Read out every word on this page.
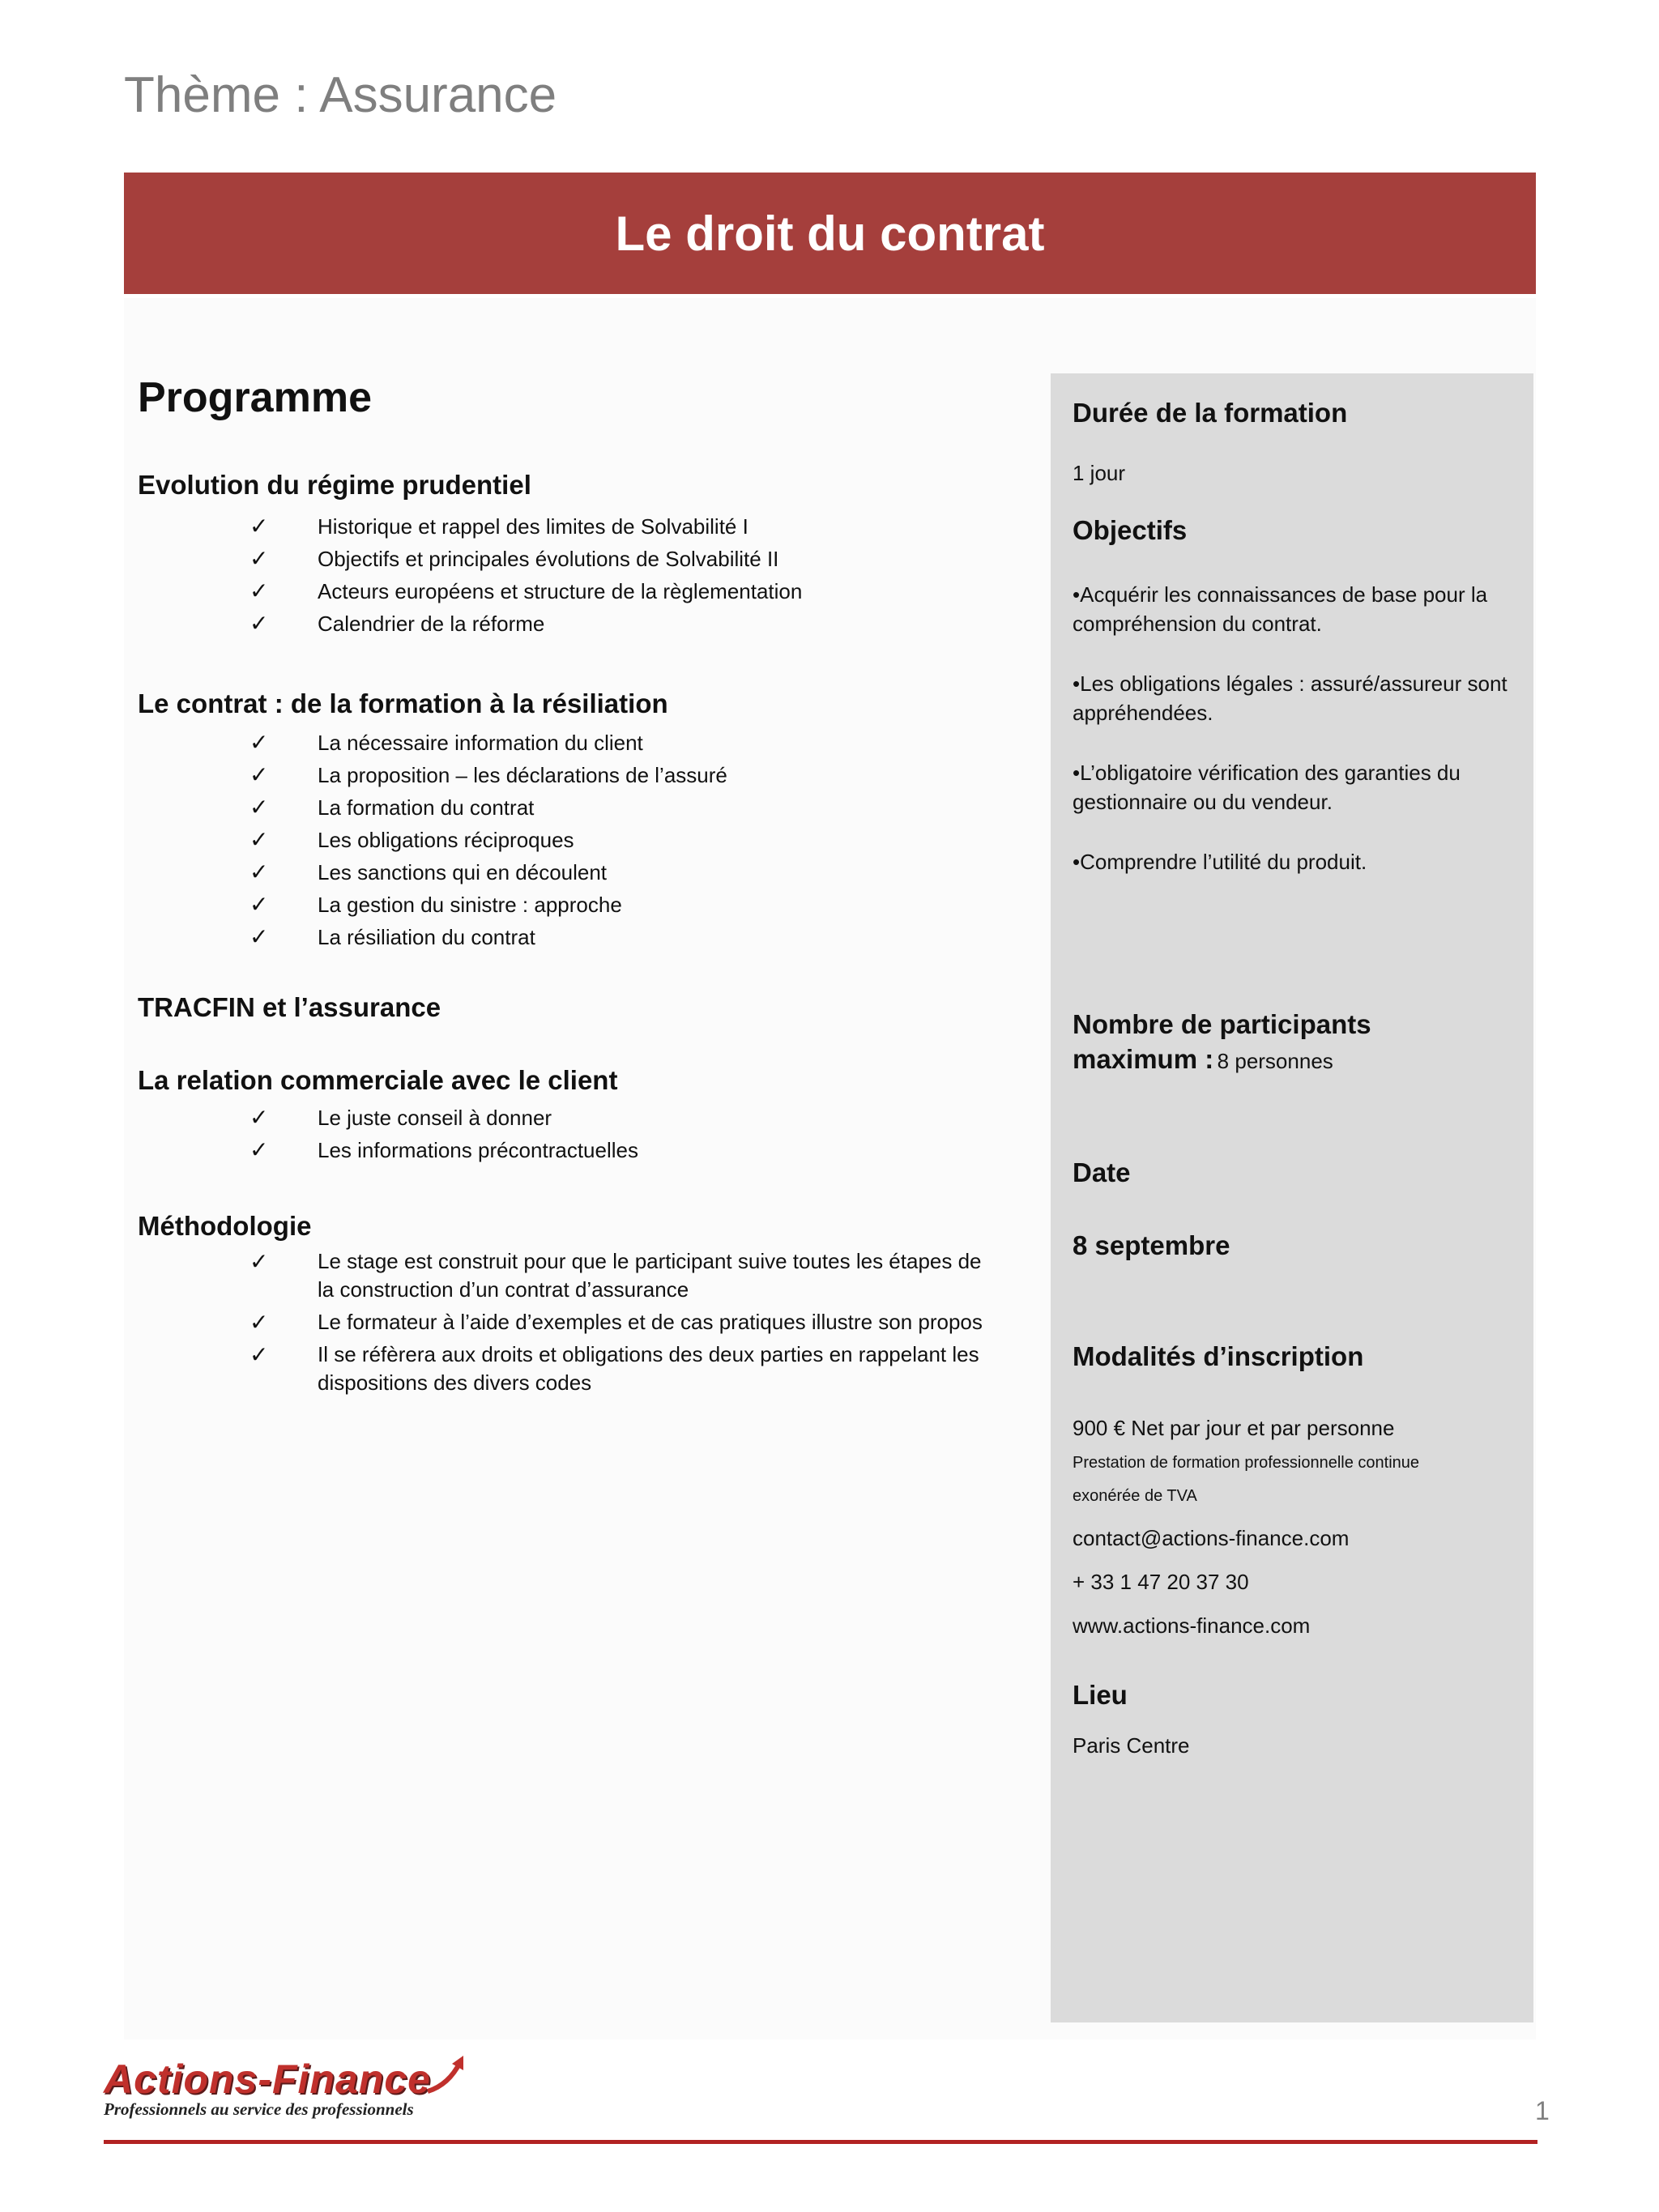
Thème : Assurance
Le droit du contrat
Programme
Evolution du régime prudentiel
✓ Historique et rappel des limites de Solvabilité I
✓ Objectifs et principales évolutions de Solvabilité II
✓ Acteurs européens et structure de la règlementation
✓ Calendrier de la réforme
Le contrat : de la formation à la résiliation
✓ La nécessaire information du client
✓ La proposition – les déclarations de l’assuré
✓ La formation du contrat
✓ Les obligations réciproques
✓ Les sanctions qui en découlent
✓ La gestion du sinistre : approche
✓ La résiliation du contrat
TRACFIN et l’assurance
La relation commerciale avec le client
✓ Le juste conseil à donner
✓ Les informations précontractuelles
Méthodologie
✓ Le stage est construit pour que le participant suive toutes les étapes de la construction d’un contrat d’assurance
✓ Le formateur à l’aide d’exemples et de cas pratiques illustre son propos
✓ Il se réfèrera aux droits et obligations des deux parties en rappelant les dispositions des divers codes
Durée de la formation
1 jour
Objectifs
•Acquérir les connaissances de base pour la compréhension du contrat.
•Les obligations légales : assuré/assureur sont appréhendées.
•L’obligatoire vérification des garanties du gestionnaire ou du vendeur.
•Comprendre l’utilité du produit.
Nombre de participants
maximum : 8 personnes
Date
8 septembre
Modalités d’inscription
900 € Net par jour et par personne
Prestation de formation professionnelle continue
exonérée de TVA
contact@actions-finance.com
+ 33 1 47 20 37 30
www.actions-finance.com
Lieu
Paris Centre
Actions-Finance
Professionnels au service des professionnels	1
